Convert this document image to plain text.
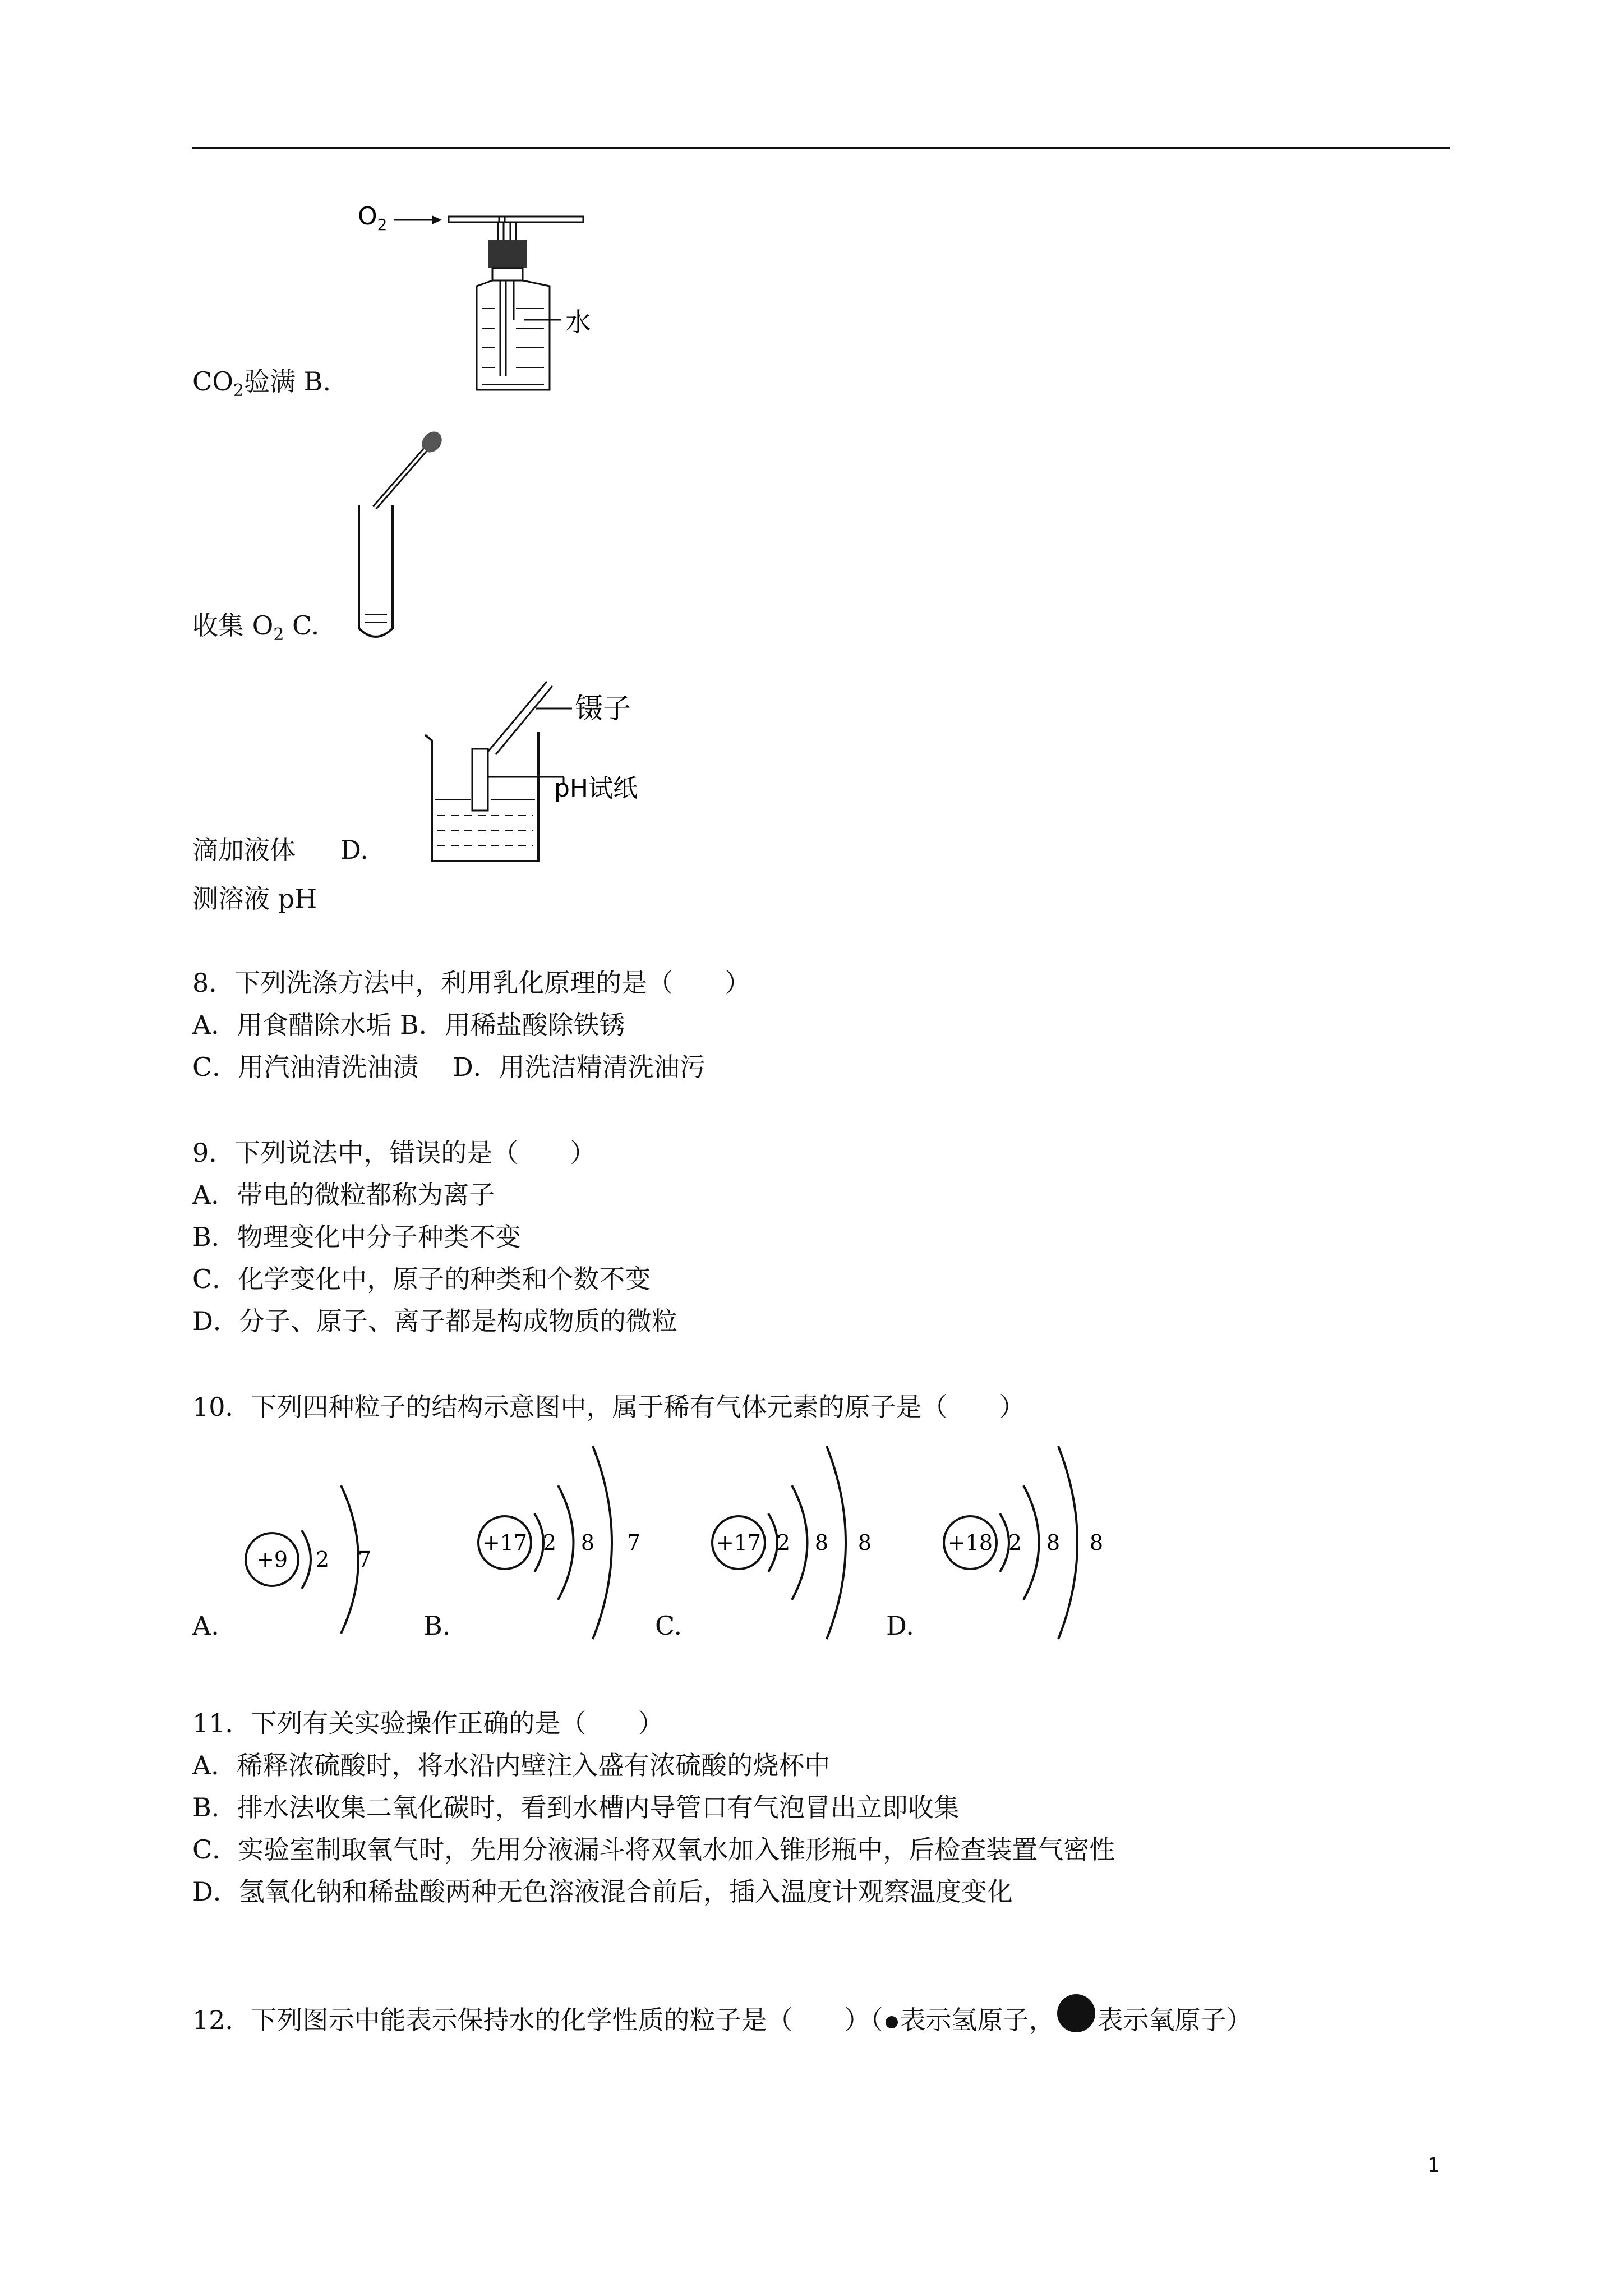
$O_2$
水
$CO_2$验满 B.
收集 $O_2$ C.
镊子
pH试纸
滴加液体 D.
测溶液 pH
8．下列洗涤方法中，利用乳化原理的是（　　）
A．用食醋除水垢 B．用稀盐酸除铁锈
C．用汽油清洗油渍　 D．用洗洁精清洗油污
9．下列说法中，错误的是（　　）
A．带电的微粒都称为离子
B．物理变化中分子种类不变
C．化学变化中，原子的种类和个数不变
D．分子、原子、离子都是构成物质的微粒
10．下列四种粒子的结构示意图中，属于稀有气体元素的原子是（　　）
+9 2 7
A.
+17 2 8 7
B.
+17 2 8 8
C.
+18 2 8 8
D.
11．下列有关实验操作正确的是（　　）
A．稀释浓硫酸时，将水沿内壁注入盛有浓硫酸的烧杯中
B．排水法收集二氧化碳时，看到水槽内导管口有气泡冒出立即收集
C．实验室制取氧气时，先用分液漏斗将双氧水加入锥形瓶中，后检查装置气密性
D．氢氧化钠和稀盐酸两种无色溶液混合前后，插入温度计观察温度变化
12．下列图示中能表示保持水的化学性质的粒子是（　　）（ 表示氢原子， 表示氧原子）
1
